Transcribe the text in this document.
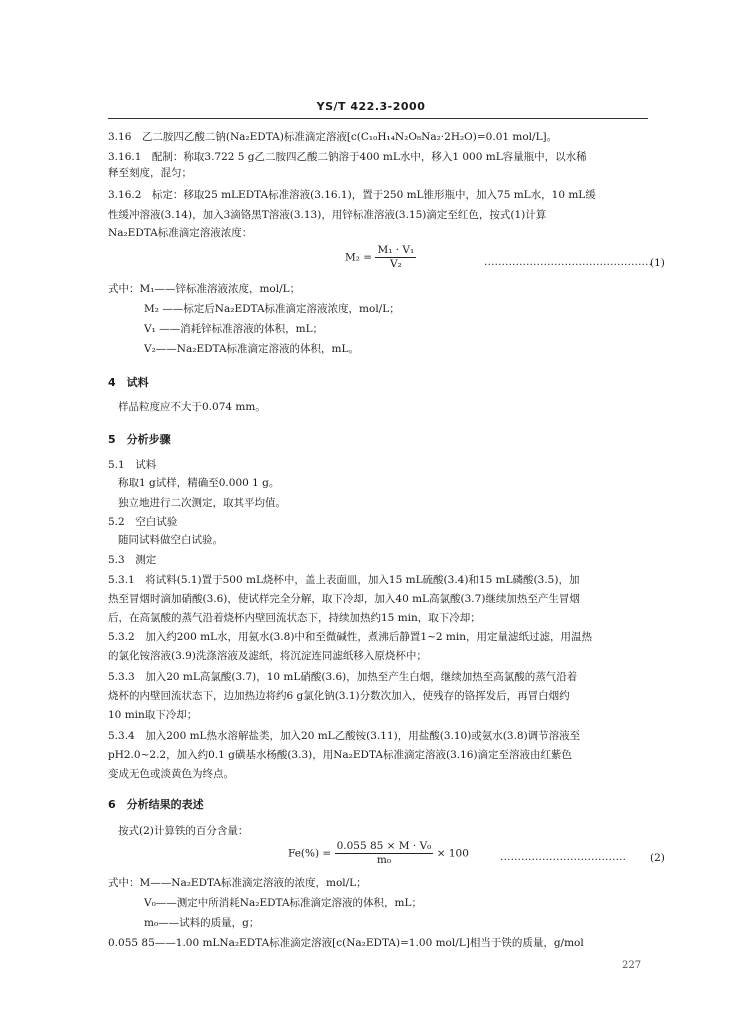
YS/T 422.3-2000
3.16　乙二胺四乙酸二钠(Na₂EDTA)标准滴定溶液[c(C₁₀H₁₄N₂O₈Na₂·2H₂O)=0.01 mol/L]。
3.16.1　配制：称取3.722 5 g乙二胺四乙酸二钠溶于400 mL水中，移入1 000 mL容量瓶中，以水稀
释至刻度，混匀；
3.16.2　标定：移取25 mLEDTA标准溶液(3.16.1)，置于250 mL锥形瓶中，加入75 mL水，10 mL缓
性缓冲溶液(3.14)，加入3滴铬黑T溶液(3.13)，用锌标准溶液(3.15)滴定至红色，按式(1)计算
Na₂EDTA标准滴定溶液浓度：
$M_2 = \frac{\text{M₁ · V₁}}{\text{V₂}}$	…………………………………………
(1)
式中：M₁——锌标准溶液浓度，mol/L；
M₂ ——标定后Na₂EDTA标准滴定溶液浓度，mol/L；
V₁ ——消耗锌标准溶液的体积，mL；
V₂——Na₂EDTA标准滴定溶液的体积，mL。
4　试料
样品粒度应不大于0.074 mm。
5　分析步骤
5.1　试料
称取1 g试样，精确至0.000 1 g。
独立地进行二次测定，取其平均值。
5.2　空白试验
随同试料做空白试验。
5.3　测定
5.3.1　将试料(5.1)置于500 mL烧杯中，盖上表面皿，加入15 mL硫酸(3.4)和15 mL磷酸(3.5)，加
热至冒烟时滴加硝酸(3.6)，使试样完全分解，取下冷却，加入40 mL高氯酸(3.7)继续加热至产生冒烟
后，在高氯酸的蒸气沿着烧杯内壁回流状态下，持续加热约15 min，取下冷却；
5.3.2　加入约200 mL水，用氨水(3.8)中和至微碱性，煮沸后静置1~2 min，用定量滤纸过滤，用温热
的氯化铵溶液(3.9)洗涤溶液及滤纸，将沉淀连同滤纸移入原烧杯中；
5.3.3　加入20 mL高氯酸(3.7)，10 mL硝酸(3.6)，加热至产生白烟，继续加热至高氯酸的蒸气沿着
烧杯的内壁回流状态下，边加热边将约6 g氯化钠(3.1)分数次加入，使残存的铬挥发后，再冒白烟约
10 min取下冷却；
5.3.4　加入200 mL热水溶解盐类，加入20 mL乙酸铵(3.11)，用盐酸(3.10)或氨水(3.8)调节溶液至
pH2.0~2.2，加入约0.1 g磺基水杨酸(3.3)，用Na₂EDTA标准滴定溶液(3.16)滴定至溶液由红紫色
变成无色或淡黄色为终点。
6　分析结果的表述
按式(2)计算铁的百分含量：
$Fe(\%) = \frac{\text{0.055 85 × M · V₀}}{\text{m₀}} \times 100$	……………………………… (2)
式中：M——Na₂EDTA标准滴定溶液的浓度，mol/L；
V₀——测定中所消耗Na₂EDTA标准滴定溶液的体积，mL；
m₀——试料的质量，g；
0.055 85——1.00 mLNa₂EDTA标准滴定溶液[c(Na₂EDTA)=1.00 mol/L]相当于铁的质量，g/mol
227
